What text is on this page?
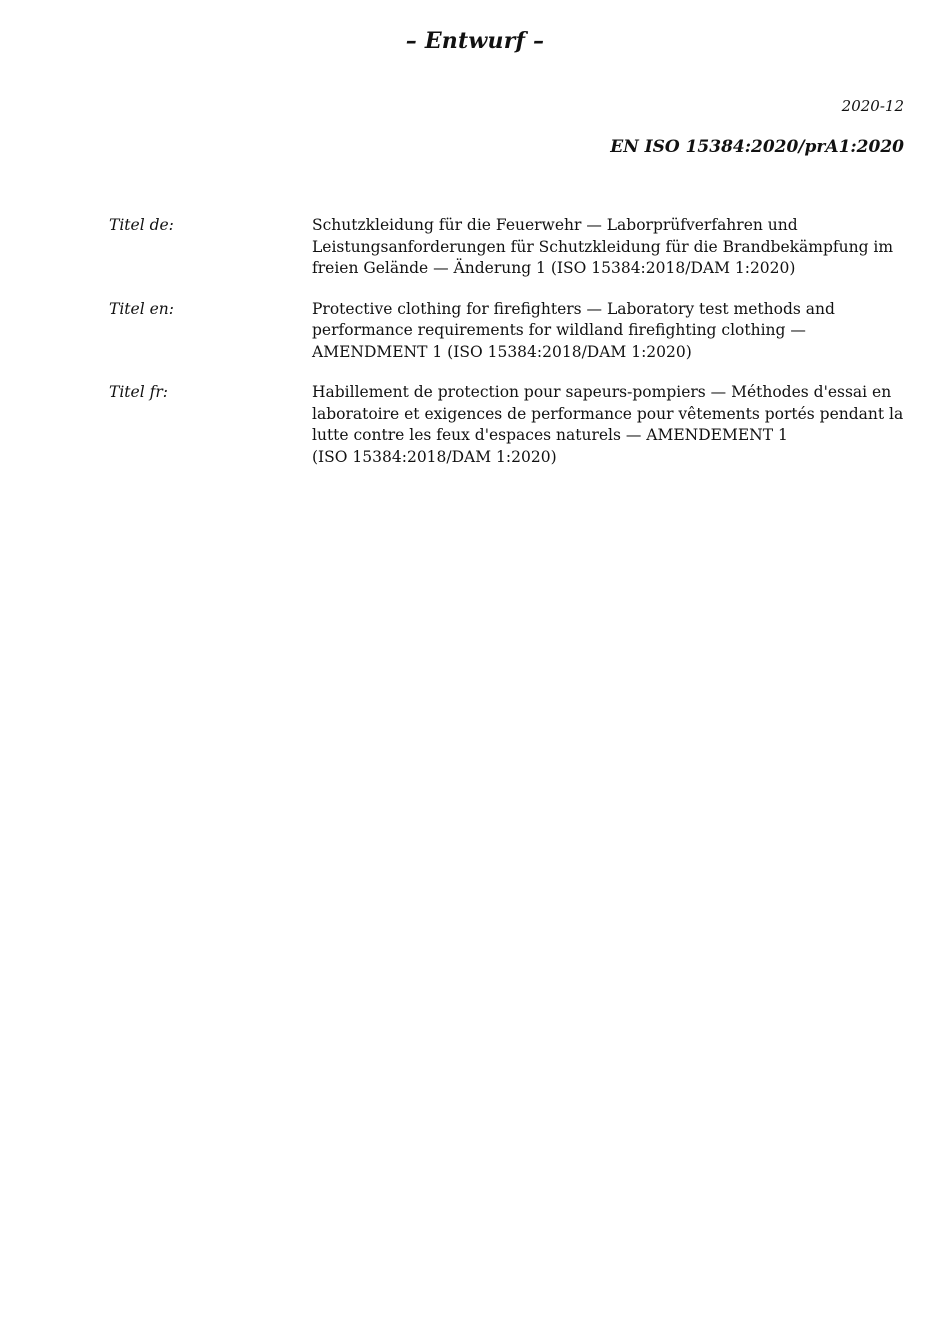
– Entwurf –
2020-12
EN ISO 15384:2020/prA1:2020
Titel de:	Schutzkleidung für die Feuerwehr — Laborprüfverfahren und
Leistungsanforderungen für Schutzkleidung für die Brandbekämpfung im
freien Gelände — Änderung 1 (ISO 15384:2018/DAM 1:2020)
Titel en:	Protective clothing for firefighters — Laboratory test methods and
performance requirements for wildland firefighting clothing —
AMENDMENT 1 (ISO 15384:2018/DAM 1:2020)
Titel fr:	Habillement de protection pour sapeurs-pompiers — Méthodes d'essai en
laboratoire et exigences de performance pour vêtements portés pendant la
lutte contre les feux d'espaces naturels — AMENDEMENT 1
(ISO 15384:2018/DAM 1:2020)
